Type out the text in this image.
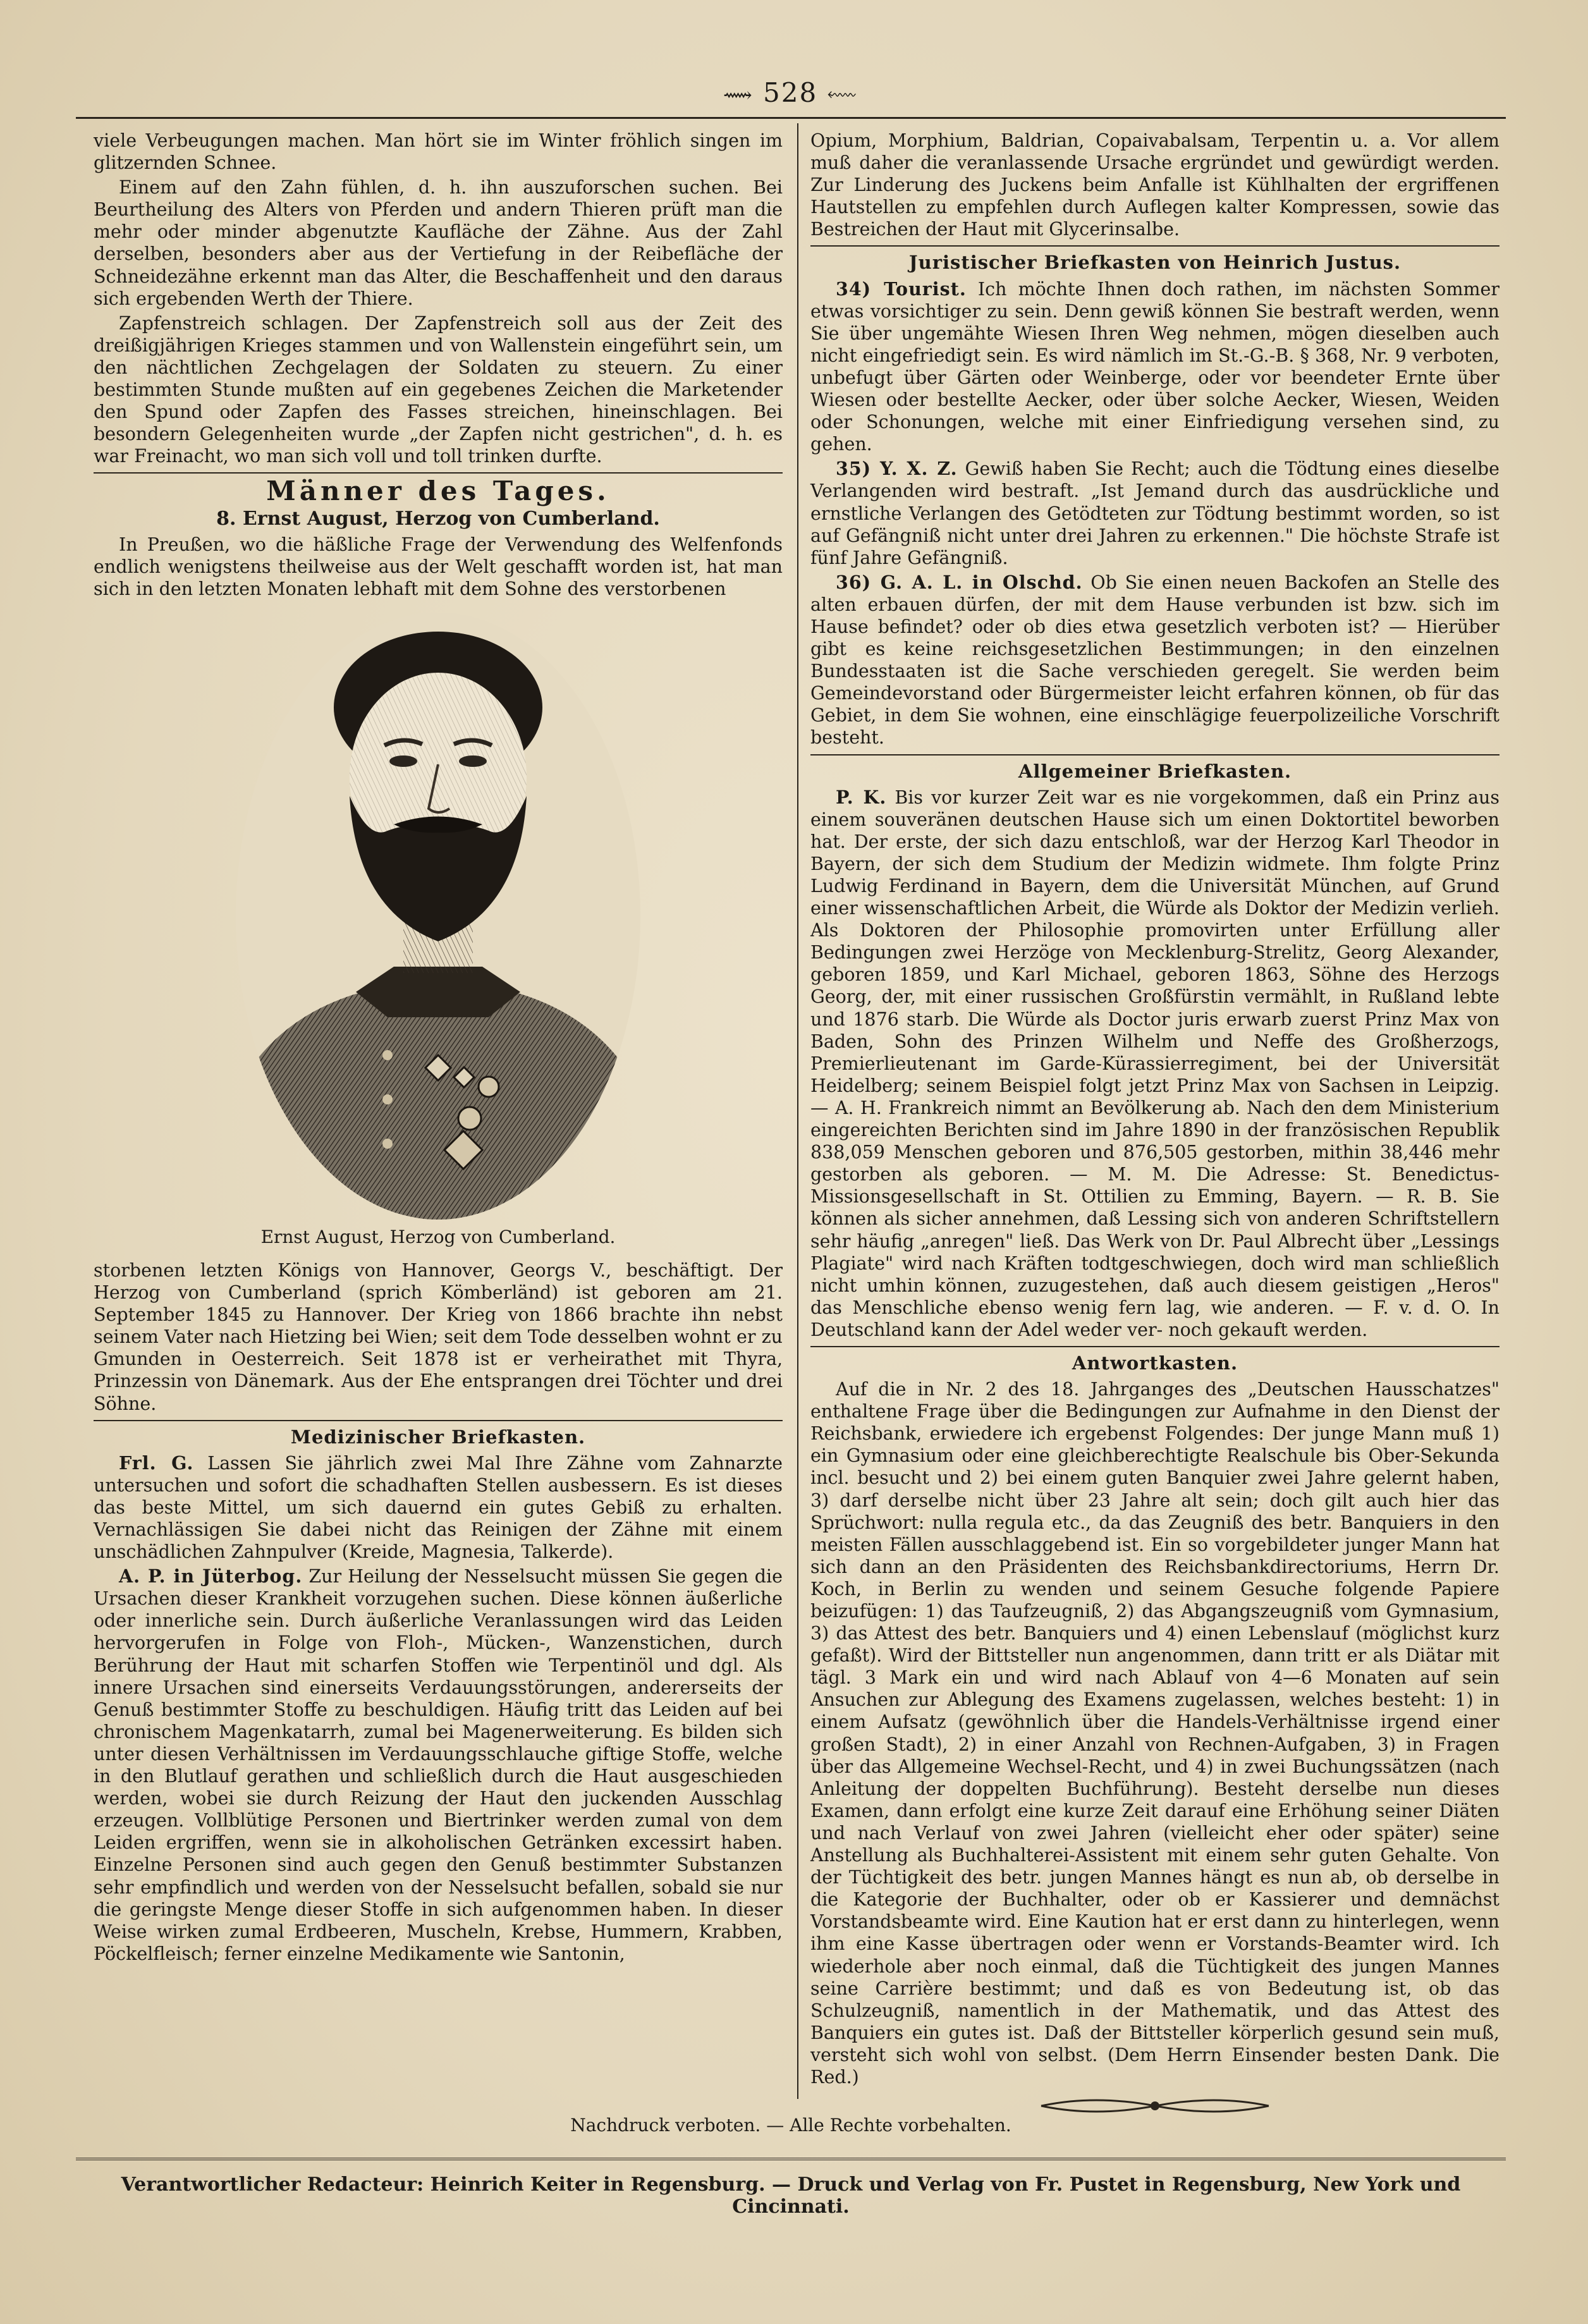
⟿ 528 ⬳

viele Verbeugungen machen. Man hört sie im Winter fröhlich singen im glitzernden Schnee.

Einem auf den Zahn fühlen, d. h. ihn auszuforschen suchen. Bei Beurtheilung des Alters von Pferden und andern Thieren prüft man die mehr oder minder abgenutzte Kaufläche der Zähne. Aus der Zahl derselben, besonders aber aus der Vertiefung in der Reibefläche der Schneidezähne erkennt man das Alter, die Beschaffenheit und den daraus sich ergebenden Werth der Thiere.

Zapfenstreich schlagen. Der Zapfenstreich soll aus der Zeit des dreißigjährigen Krieges stammen und von Wallenstein eingeführt sein, um den nächtlichen Zechgelagen der Soldaten zu steuern. Zu einer bestimmten Stunde mußten auf ein gegebenes Zeichen die Marketender den Spund oder Zapfen des Fasses streichen, hineinschlagen. Bei besondern Gelegenheiten wurde „der Zapfen nicht gestrichen", d. h. es war Freinacht, wo man sich voll und toll trinken durfte.

Männer des Tages.
8. Ernst August, Herzog von Cumberland.

In Preußen, wo die häßliche Frage der Verwendung des Welfenfonds endlich wenigstens theilweise aus der Welt geschafft worden ist, hat man sich in den letzten Monaten lebhaft mit dem Sohne des verstorbenen

Ernst August, Herzog von Cumberland.

storbenen letzten Königs von Hannover, Georgs V., beschäftigt. Der Herzog von Cumberland (sprich Kömberländ) ist geboren am 21. September 1845 zu Hannover. Der Krieg von 1866 brachte ihn nebst seinem Vater nach Hietzing bei Wien; seit dem Tode desselben wohnt er zu Gmunden in Oesterreich. Seit 1878 ist er verheirathet mit Thyra, Prinzessin von Dänemark. Aus der Ehe entsprangen drei Töchter und drei Söhne.

Medizinischer Briefkasten.

Frl. G. Lassen Sie jährlich zwei Mal Ihre Zähne vom Zahnarzte untersuchen und sofort die schadhaften Stellen ausbessern. Es ist dieses das beste Mittel, um sich dauernd ein gutes Gebiß zu erhalten. Vernachlässigen Sie dabei nicht das Reinigen der Zähne mit einem unschädlichen Zahnpulver (Kreide, Magnesia, Talkerde).

A. P. in Jüterbog. Zur Heilung der Nesselsucht müssen Sie gegen die Ursachen dieser Krankheit vorzugehen suchen. Diese können äußerliche oder innerliche sein. Durch äußerliche Veranlassungen wird das Leiden hervorgerufen in Folge von Floh-, Mücken-, Wanzenstichen, durch Berührung der Haut mit scharfen Stoffen wie Terpentinöl und dgl. Als innere Ursachen sind einerseits Verdauungsstörungen, andererseits der Genuß bestimmter Stoffe zu beschuldigen. Häufig tritt das Leiden auf bei chronischem Magenkatarrh, zumal bei Magenerweiterung. Es bilden sich unter diesen Verhältnissen im Verdauungsschlauche giftige Stoffe, welche in den Blutlauf gerathen und schließlich durch die Haut ausgeschieden werden, wobei sie durch Reizung der Haut den juckenden Ausschlag erzeugen. Vollblütige Personen und Biertrinker werden zumal von dem Leiden ergriffen, wenn sie in alkoholischen Getränken excessirt haben. Einzelne Personen sind auch gegen den Genuß bestimmter Substanzen sehr empfindlich und werden von der Nesselsucht befallen, sobald sie nur die geringste Menge dieser Stoffe in sich aufgenommen haben. In dieser Weise wirken zumal Erdbeeren, Muscheln, Krebse, Hummern, Krabben, Pöckelfleisch; ferner einzelne Medikamente wie Santonin,

Opium, Morphium, Baldrian, Copaivabalsam, Terpentin u. a. Vor allem muß daher die veranlassende Ursache ergründet und gewürdigt werden. Zur Linderung des Juckens beim Anfalle ist Kühlhalten der ergriffenen Hautstellen zu empfehlen durch Auflegen kalter Kompressen, sowie das Bestreichen der Haut mit Glycerinsalbe.

Juristischer Briefkasten von Heinrich Justus.

34) Tourist. Ich möchte Ihnen doch rathen, im nächsten Sommer etwas vorsichtiger zu sein. Denn gewiß können Sie bestraft werden, wenn Sie über ungemähte Wiesen Ihren Weg nehmen, mögen dieselben auch nicht eingefriedigt sein. Es wird nämlich im St.-G.-B. § 368, Nr. 9 verboten, unbefugt über Gärten oder Weinberge, oder vor beendeter Ernte über Wiesen oder bestellte Aecker, oder über solche Aecker, Wiesen, Weiden oder Schonungen, welche mit einer Einfriedigung versehen sind, zu gehen.

35) Y. X. Z. Gewiß haben Sie Recht; auch die Tödtung eines dieselbe Verlangenden wird bestraft. „Ist Jemand durch das ausdrückliche und ernstliche Verlangen des Getödteten zur Tödtung bestimmt worden, so ist auf Gefängniß nicht unter drei Jahren zu erkennen." Die höchste Strafe ist fünf Jahre Gefängniß.

36) G. A. L. in Olschd. Ob Sie einen neuen Backofen an Stelle des alten erbauen dürfen, der mit dem Hause verbunden ist bzw. sich im Hause befindet? oder ob dies etwa gesetzlich verboten ist? — Hierüber gibt es keine reichsgesetzlichen Bestimmungen; in den einzelnen Bundesstaaten ist die Sache verschieden geregelt. Sie werden beim Gemeindevorstand oder Bürgermeister leicht erfahren können, ob für das Gebiet, in dem Sie wohnen, eine einschlägige feuerpolizeiliche Vorschrift besteht.

Allgemeiner Briefkasten.

P. K. Bis vor kurzer Zeit war es nie vorgekommen, daß ein Prinz aus einem souveränen deutschen Hause sich um einen Doktortitel beworben hat. Der erste, der sich dazu entschloß, war der Herzog Karl Theodor in Bayern, der sich dem Studium der Medizin widmete. Ihm folgte Prinz Ludwig Ferdinand in Bayern, dem die Universität München, auf Grund einer wissenschaftlichen Arbeit, die Würde als Doktor der Medizin verlieh. Als Doktoren der Philosophie promovirten unter Erfüllung aller Bedingungen zwei Herzöge von Mecklenburg-Strelitz, Georg Alexander, geboren 1859, und Karl Michael, geboren 1863, Söhne des Herzogs Georg, der, mit einer russischen Großfürstin vermählt, in Rußland lebte und 1876 starb. Die Würde als Doctor juris erwarb zuerst Prinz Max von Baden, Sohn des Prinzen Wilhelm und Neffe des Großherzogs, Premierlieutenant im Garde-Kürassierregiment, bei der Universität Heidelberg; seinem Beispiel folgt jetzt Prinz Max von Sachsen in Leipzig. — A. H. Frankreich nimmt an Bevölkerung ab. Nach den dem Ministerium eingereichten Berichten sind im Jahre 1890 in der französischen Republik 838,059 Menschen geboren und 876,505 gestorben, mithin 38,446 mehr gestorben als geboren. — M. M. Die Adresse: St. Benedictus-Missionsgesellschaft in St. Ottilien zu Emming, Bayern. — R. B. Sie können als sicher annehmen, daß Lessing sich von anderen Schriftstellern sehr häufig „anregen" ließ. Das Werk von Dr. Paul Albrecht über „Lessings Plagiate" wird nach Kräften todtgeschwiegen, doch wird man schließlich nicht umhin können, zuzugestehen, daß auch diesem geistigen „Heros" das Menschliche ebenso wenig fern lag, wie anderen. — F. v. d. O. In Deutschland kann der Adel weder ver- noch gekauft werden.

Antwortkasten.

Auf die in Nr. 2 des 18. Jahrganges des „Deutschen Hausschatzes" enthaltene Frage über die Bedingungen zur Aufnahme in den Dienst der Reichsbank, erwiedere ich ergebenst Folgendes: Der junge Mann muß 1) ein Gymnasium oder eine gleichberechtigte Realschule bis Ober-Sekunda incl. besucht und 2) bei einem guten Banquier zwei Jahre gelernt haben, 3) darf derselbe nicht über 23 Jahre alt sein; doch gilt auch hier das Sprüchwort: nulla regula etc., da das Zeugniß des betr. Banquiers in den meisten Fällen ausschlaggebend ist. Ein so vorgebildeter junger Mann hat sich dann an den Präsidenten des Reichsbankdirectoriums, Herrn Dr. Koch, in Berlin zu wenden und seinem Gesuche folgende Papiere beizufügen: 1) das Taufzeugniß, 2) das Abgangszeugniß vom Gymnasium, 3) das Attest des betr. Banquiers und 4) einen Lebenslauf (möglichst kurz gefaßt). Wird der Bittsteller nun angenommen, dann tritt er als Diätar mit tägl. 3 Mark ein und wird nach Ablauf von 4—6 Monaten auf sein Ansuchen zur Ablegung des Examens zugelassen, welches besteht: 1) in einem Aufsatz (gewöhnlich über die Handels-Verhältnisse irgend einer großen Stadt), 2) in einer Anzahl von Rechnen-Aufgaben, 3) in Fragen über das Allgemeine Wechsel-Recht, und 4) in zwei Buchungssätzen (nach Anleitung der doppelten Buchführung). Besteht derselbe nun dieses Examen, dann erfolgt eine kurze Zeit darauf eine Erhöhung seiner Diäten und nach Verlauf von zwei Jahren (vielleicht eher oder später) seine Anstellung als Buchhalterei-Assistent mit einem sehr guten Gehalte. Von der Tüchtigkeit des betr. jungen Mannes hängt es nun ab, ob derselbe in die Kategorie der Buchhalter, oder ob er Kassierer und demnächst Vorstandsbeamte wird. Eine Kaution hat er erst dann zu hinterlegen, wenn ihm eine Kasse übertragen oder wenn er Vorstands-Beamter wird. Ich wiederhole aber noch einmal, daß die Tüchtigkeit des jungen Mannes seine Carrière bestimmt; und daß es von Bedeutung ist, ob das Schulzeugniß, namentlich in der Mathematik, und das Attest des Banquiers ein gutes ist. Daß der Bittsteller körperlich gesund sein muß, versteht sich wohl von selbst. (Dem Herrn Einsender besten Dank. Die Red.)

Nachdruck verboten. — Alle Rechte vorbehalten.
Verantwortlicher Redacteur: Heinrich Keiter in Regensburg. — Druck und Verlag von Fr. Pustet in Regensburg, New York und Cincinnati.
